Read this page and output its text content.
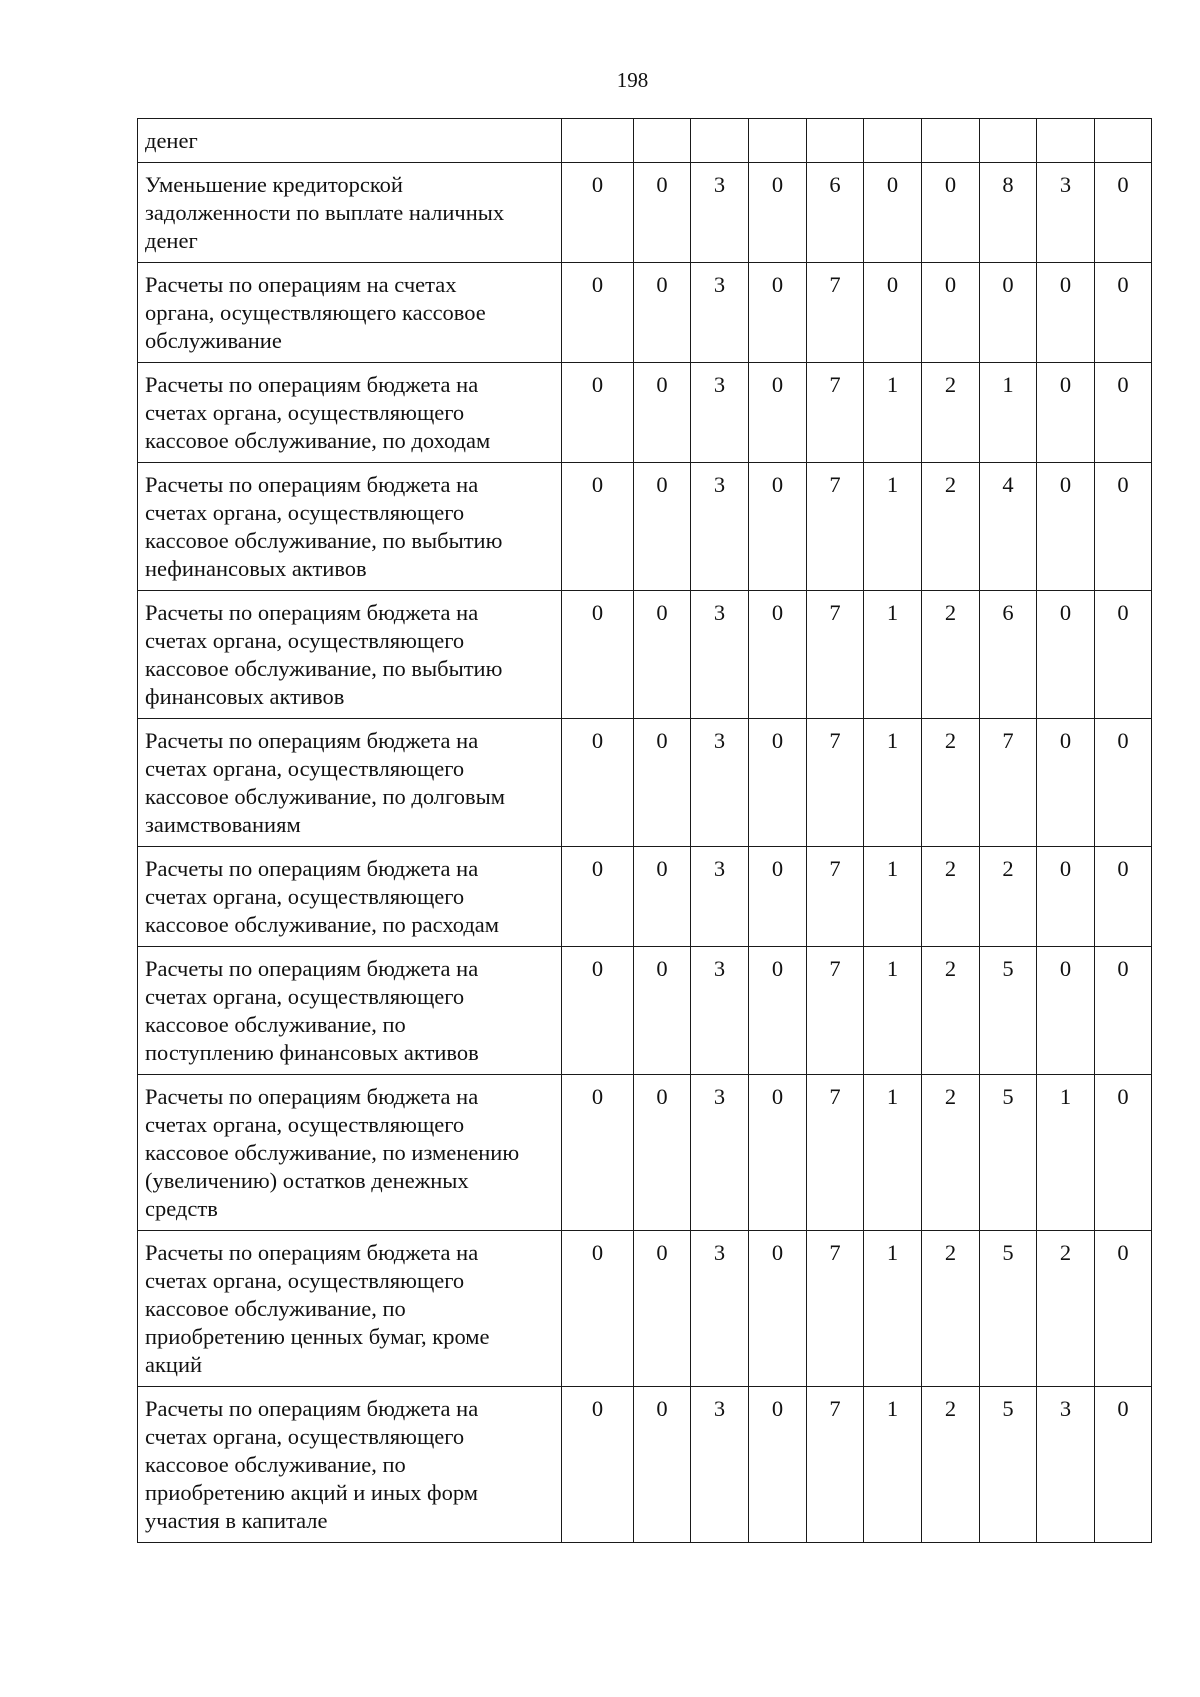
198
денег										

Уменьшение кредиторской
задолженности по выплате наличных
денег	0	0	3	0	6	0	0	8	3	0

Расчеты по операциям на счетах
органа, осуществляющего кассовое
обслуживание	0	0	3	0	7	0	0	0	0	0

Расчеты по операциям бюджета на
счетах органа, осуществляющего
кассовое обслуживание, по доходам	0	0	3	0	7	1	2	1	0	0

Расчеты по операциям бюджета на
счетах органа, осуществляющего
кассовое обслуживание, по выбытию
нефинансовых активов	0	0	3	0	7	1	2	4	0	0

Расчеты по операциям бюджета на
счетах органа, осуществляющего
кассовое обслуживание, по выбытию
финансовых активов	0	0	3	0	7	1	2	6	0	0

Расчеты по операциям бюджета на
счетах органа, осуществляющего
кассовое обслуживание, по долговым
заимствованиям	0	0	3	0	7	1	2	7	0	0

Расчеты по операциям бюджета на
счетах органа, осуществляющего
кассовое обслуживание, по расходам	0	0	3	0	7	1	2	2	0	0

Расчеты по операциям бюджета на
счетах органа, осуществляющего
кассовое обслуживание, по
поступлению финансовых активов	0	0	3	0	7	1	2	5	0	0

Расчеты по операциям бюджета на
счетах органа, осуществляющего
кассовое обслуживание, по изменению
(увеличению) остатков денежных
средств	0	0	3	0	7	1	2	5	1	0

Расчеты по операциям бюджета на
счетах органа, осуществляющего
кассовое обслуживание, по
приобретению ценных бумаг, кроме
акций	0	0	3	0	7	1	2	5	2	0

Расчеты по операциям бюджета на
счетах органа, осуществляющего
кассовое обслуживание, по
приобретению акций и иных форм
участия в капитале	0	0	3	0	7	1	2	5	3	0
